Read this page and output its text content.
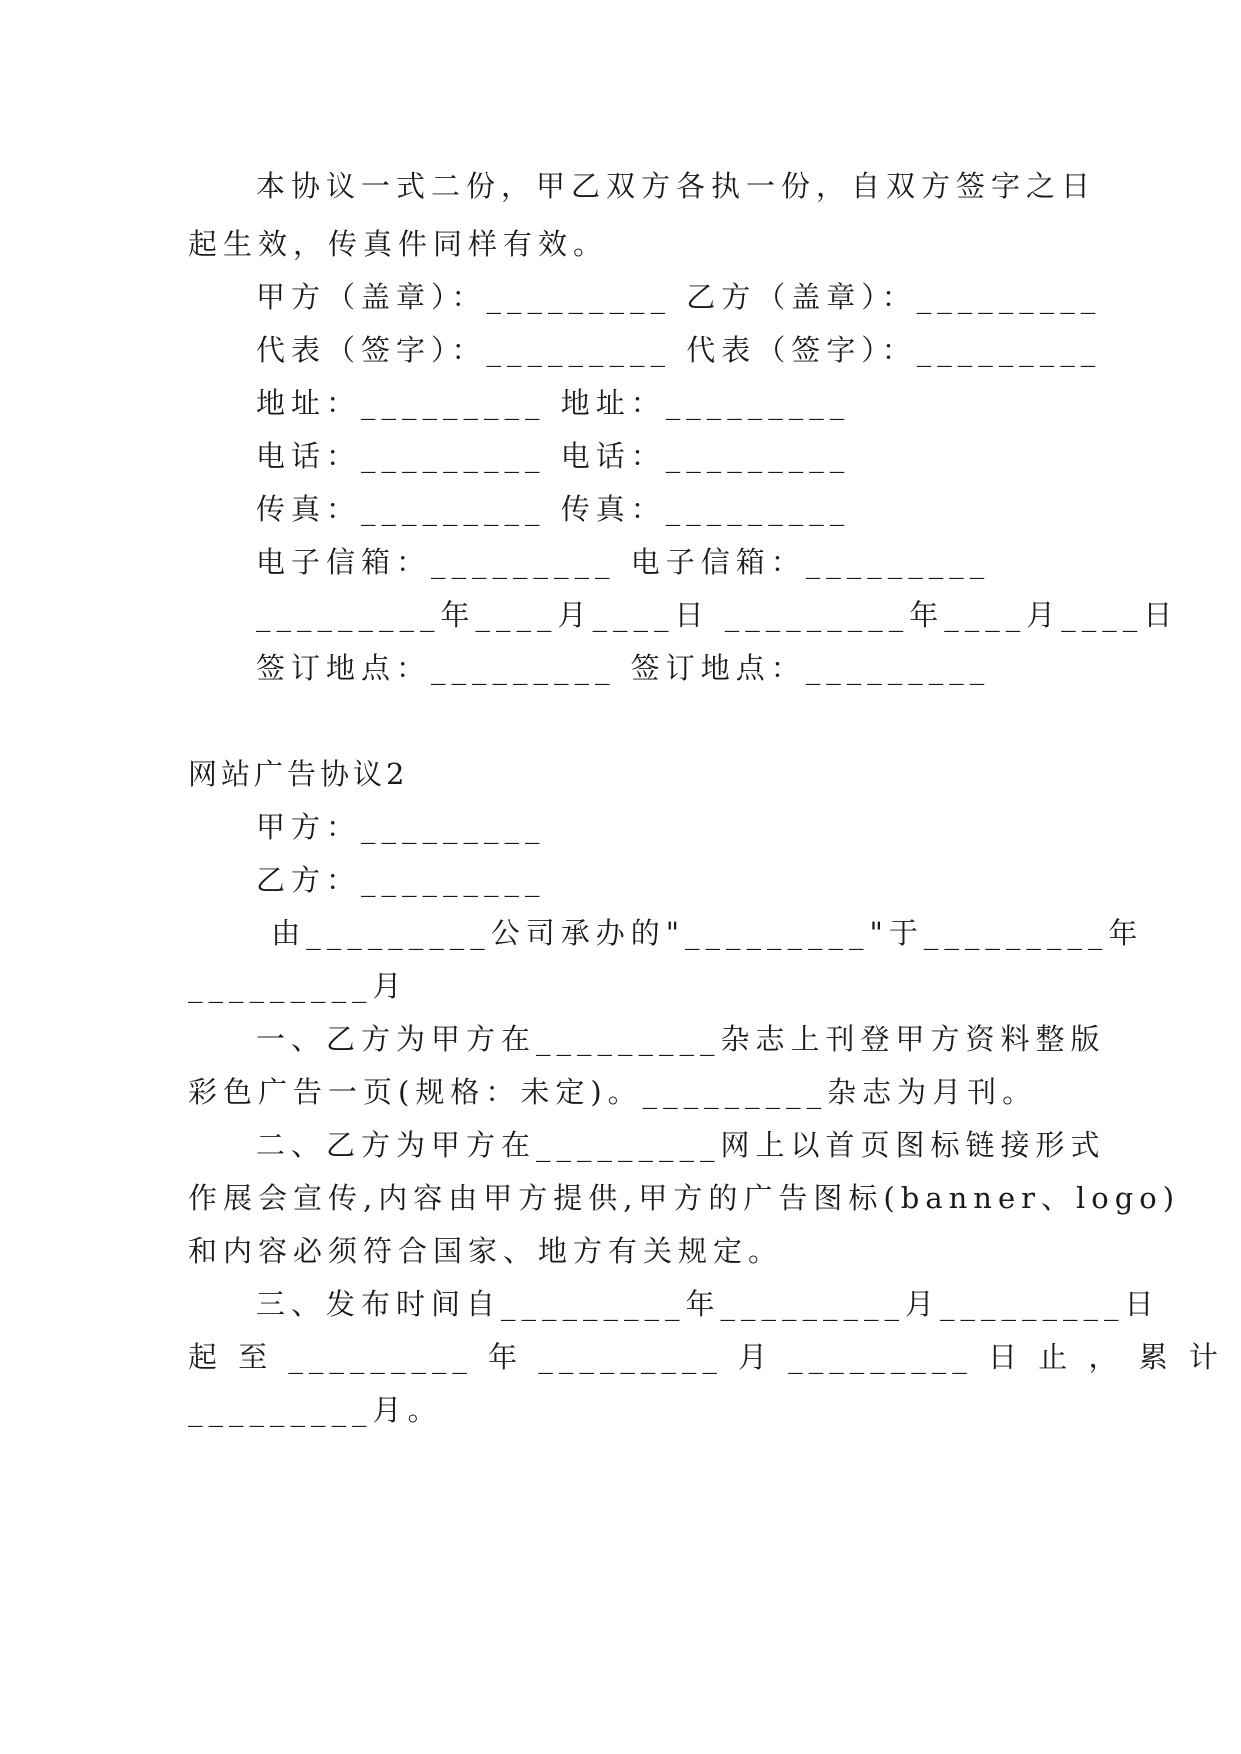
本协议一式二份，甲乙双方各执一份，自双方签字之日
起生效，传真件同样有效。
甲方（盖章）：_________ 乙方（盖章）：_________
代表（签字）：_________ 代表（签字）：_________
地址：_________ 地址：_________
电话：_________ 电话：_________
传真：_________ 传真：_________
电子信箱：_________ 电子信箱：_________
_________年____月____日 _________年____月____日
签订地点：_________ 签订地点：_________
网站广告协议2
甲方：_________
乙方：_________
由_________公司承办的"_________"于_________年
_________月
一、乙方为甲方在_________杂志上刊登甲方资料整版
彩色广告一页(规格：未定)。_________杂志为月刊。
二、乙方为甲方在_________网上以首页图标链接形式
作展会宣传,内容由甲方提供,甲方的广告图标(banner、logo)
和内容必须符合国家、地方有关规定。
三、发布时间自_________年_________月_________日
起 至 _________ 年 _________ 月 _________ 日 止 ， 累 计
_________月。
